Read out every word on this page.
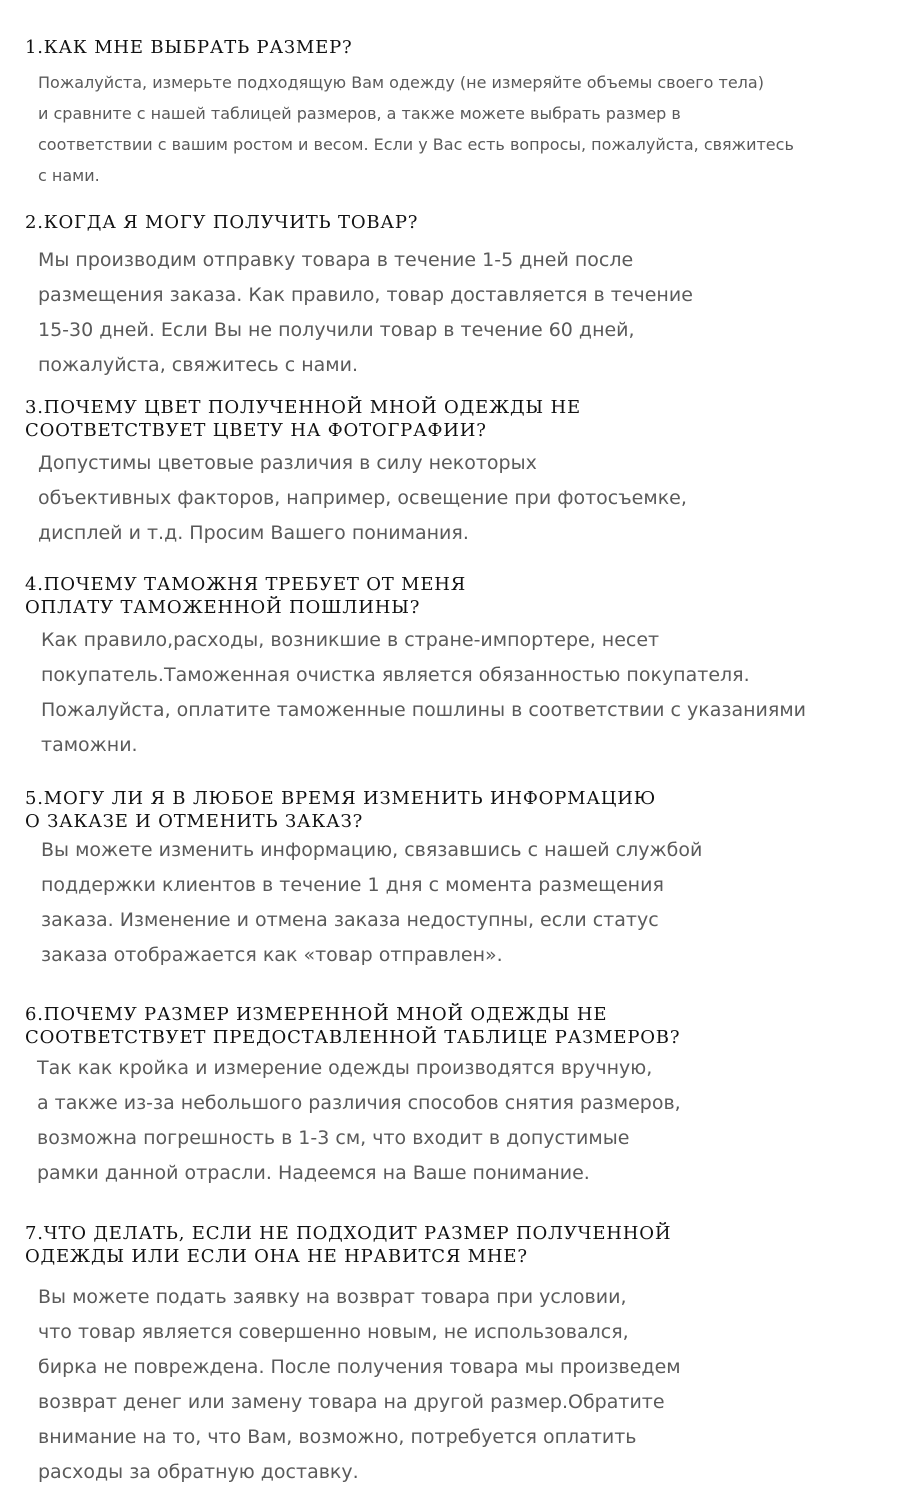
1.КАК МНЕ ВЫБРАТЬ РАЗМЕР?

Пожалуйста, измерьте подходящую Вам одежду (не измеряйте объемы своего тела)
и сравните с нашей таблицей размеров, а также можете выбрать размер в
соответствии с вашим ростом и весом. Если у Вас есть вопросы, пожалуйста, свяжитесь
с нами.

2.КОГДА Я МОГУ ПОЛУЧИТЬ ТОВАР?

Мы производим отправку товара в течение 1-5 дней после
размещения заказа. Как правило, товар доставляется в течение
15-30 дней. Если Вы не получили товар в течение 60 дней,
пожалуйста, свяжитесь с нами.

3.ПОЧЕМУ ЦВЕТ ПОЛУЧЕННОЙ МНОЙ ОДЕЖДЫ НЕ
СООТВЕТСТВУЕТ ЦВЕТУ НА ФОТОГРАФИИ?

Допустимы цветовые различия в силу некоторых
объективных факторов, например, освещение при фотосъемке,
дисплей и т.д. Просим Вашего понимания.

4.ПОЧЕМУ ТАМОЖНЯ ТРЕБУЕТ ОТ МЕНЯ
ОПЛАТУ ТАМОЖЕННОЙ ПОШЛИНЫ?

Как правило,расходы, возникшие в стране-импортере, несет
покупатель.Таможенная очистка является обязанностью покупателя.
Пожалуйста, оплатите таможенные пошлины в соответствии с указаниями
таможни.

5.МОГУ ЛИ Я В ЛЮБОЕ ВРЕМЯ ИЗМЕНИТЬ ИНФОРМАЦИЮ
О ЗАКАЗЕ И ОТМЕНИТЬ ЗАКАЗ?

Вы можете изменить информацию, связавшись с нашей службой
поддержки клиентов в течение 1 дня с момента размещения
заказа. Изменение и отмена заказа недоступны, если статус
заказа отображается как «товар отправлен».

6.ПОЧЕМУ РАЗМЕР ИЗМЕРЕННОЙ МНОЙ ОДЕЖДЫ НЕ
СООТВЕТСТВУЕТ ПРЕДОСТАВЛЕННОЙ ТАБЛИЦЕ РАЗМЕРОВ?

Так как кройка и измерение одежды производятся вручную,
а также из-за небольшого различия способов снятия размеров,
возможна погрешность в 1-3 см, что входит в допустимые
рамки данной отрасли. Надеемся на Ваше понимание.

7.ЧТО ДЕЛАТЬ, ЕСЛИ НЕ ПОДХОДИТ РАЗМЕР ПОЛУЧЕННОЙ
ОДЕЖДЫ ИЛИ ЕСЛИ ОНА НЕ НРАВИТСЯ МНЕ?

Вы можете подать заявку на возврат товара при условии,
что товар является совершенно новым, не использовался,
бирка не повреждена. После получения товара мы произведем
возврат денег или замену товара на другой размер.Обратите
внимание на то, что Вам, возможно, потребуется оплатить
расходы за обратную доставку.
